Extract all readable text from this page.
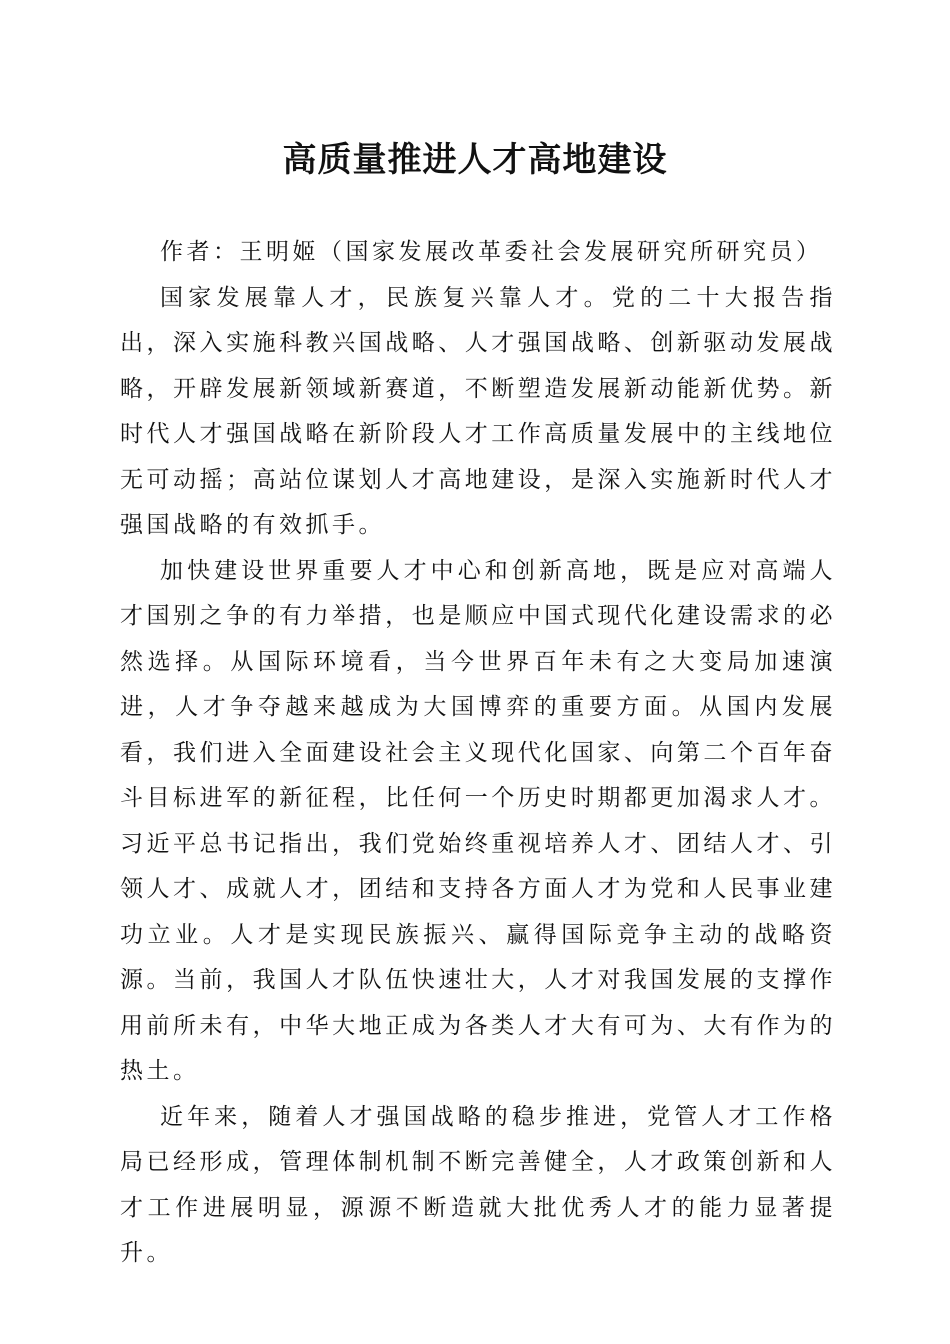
高质量推进人才高地建设

作者：王明姬（国家发展改革委社会发展研究所研究员）

国家发展靠人才，民族复兴靠人才。党的二十大报告指出，深入实施科教兴国战略、人才强国战略、创新驱动发展战略，开辟发展新领域新赛道，不断塑造发展新动能新优势。新时代人才强国战略在新阶段人才工作高质量发展中的主线地位无可动摇；高站位谋划人才高地建设，是深入实施新时代人才强国战略的有效抓手。

加快建设世界重要人才中心和创新高地，既是应对高端人才国别之争的有力举措，也是顺应中国式现代化建设需求的必然选择。从国际环境看，当今世界百年未有之大变局加速演进，人才争夺越来越成为大国博弈的重要方面。从国内发展看，我们进入全面建设社会主义现代化国家、向第二个百年奋斗目标进军的新征程，比任何一个历史时期都更加渴求人才。习近平总书记指出，我们党始终重视培养人才、团结人才、引领人才、成就人才，团结和支持各方面人才为党和人民事业建功立业。人才是实现民族振兴、赢得国际竞争主动的战略资源。当前，我国人才队伍快速壮大，人才对我国发展的支撑作用前所未有，中华大地正成为各类人才大有可为、大有作为的热土。

近年来，随着人才强国战略的稳步推进，党管人才工作格局已经形成，管理体制机制不断完善健全，人才政策创新和人才工作进展明显，源源不断造就大批优秀人才的能力显著提升。
